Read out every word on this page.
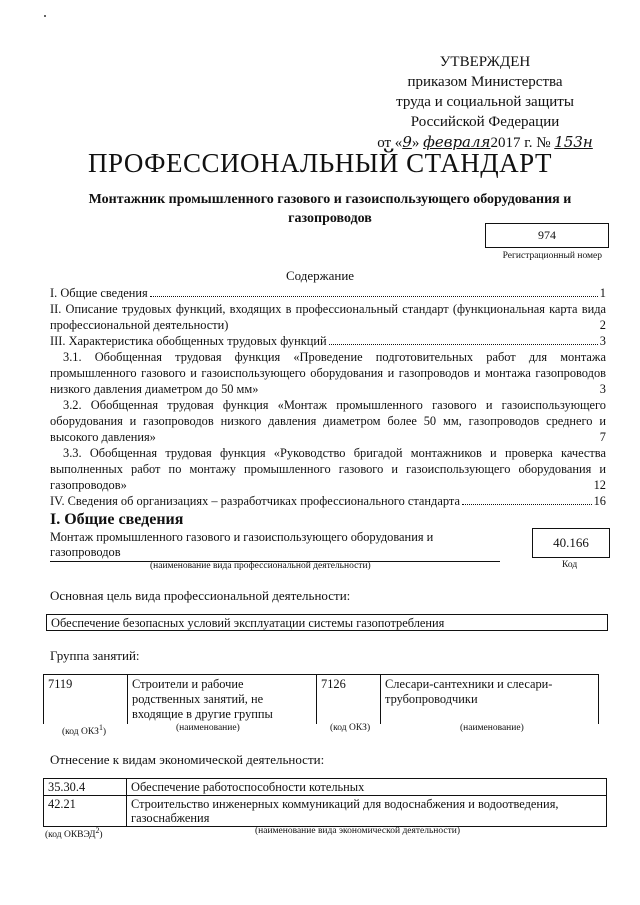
УТВЕРЖДЕН
приказом Министерства
труда и социальной защиты
Российской Федерации
от «9» февраля2017 г. № 153н
ПРОФЕССИОНАЛЬНЫЙ СТАНДАРТ
Монтажник промышленного газового и газоиспользующего оборудования и газопроводов
974
Регистрационный номер
Содержание
I. Общие сведения	1
II. Описание трудовых функций, входящих в профессиональный стандарт (функциональная карта вида профессиональной деятельности)	2
III. Характеристика обобщенных трудовых функций	3
3.1. Обобщенная трудовая функция «Проведение подготовительных работ для монтажа промышленного газового и газоиспользующего оборудования и газопроводов и монтажа газопроводов низкого давления диаметром до 50 мм»	3
3.2. Обобщенная трудовая функция «Монтаж промышленного газового и газоиспользующего оборудования и газопроводов низкого давления диаметром более 50 мм, газопроводов среднего и высокого давления»	7
3.3. Обобщенная трудовая функция «Руководство бригадой монтажников и проверка качества выполненных работ по монтажу промышленного газового и газоиспользующего оборудования и газопроводов»	12
IV. Сведения об организациях – разработчиках профессионального стандарта	16
I. Общие сведения
Монтаж промышленного газового и газоиспользующего оборудования и газопроводов
40.166
(наименование вида профессиональной деятельности)	Код
Основная цель вида профессиональной деятельности:
Обеспечение безопасных условий эксплуатации системы газопотребления
Группа занятий:
7119	Строители и рабочие родственных занятий, не входящие в другие группы	7126	Слесари-сантехники и слесари-трубопроводчики
(код ОКЗ$^1$)	(наименование)	(код ОКЗ)	(наименование)
Отнесение к видам экономической деятельности:
35.30.4	Обеспечение работоспособности котельных
42.21	Строительство инженерных коммуникаций для водоснабжения и водоотведения, газоснабжения
(код ОКВЭД$^2$)	(наименование вида экономической деятельности)
